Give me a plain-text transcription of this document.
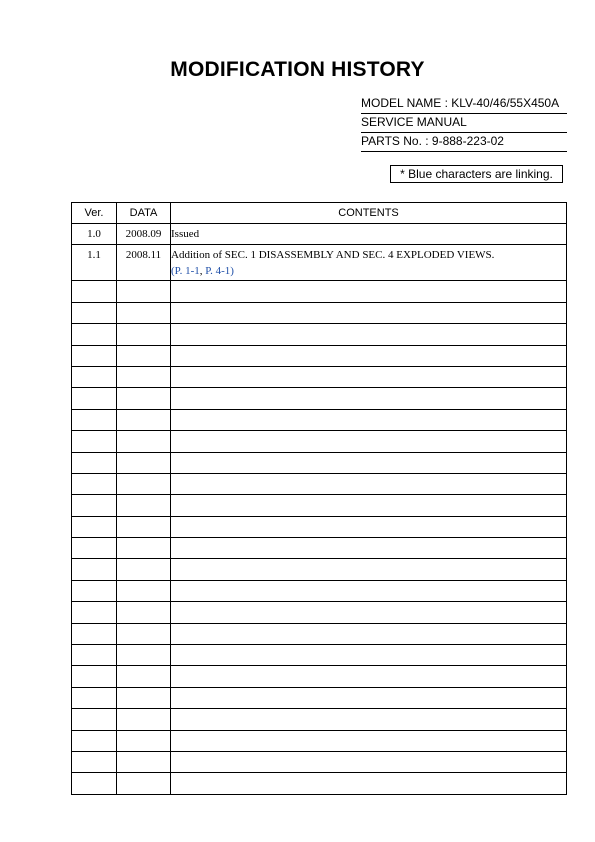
MODIFICATION HISTORY
MODEL NAME : KLV-40/46/55X450A
SERVICE MANUAL
PARTS No. : 9-888-223-02
* Blue characters are linking.
Ver.	DATA	CONTENTS
1.0	2008.09	Issued
1.1	2008.11	Addition of SEC. 1 DISASSEMBLY AND SEC. 4 EXPLODED VIEWS.
(P. 1-1, P. 4-1)
